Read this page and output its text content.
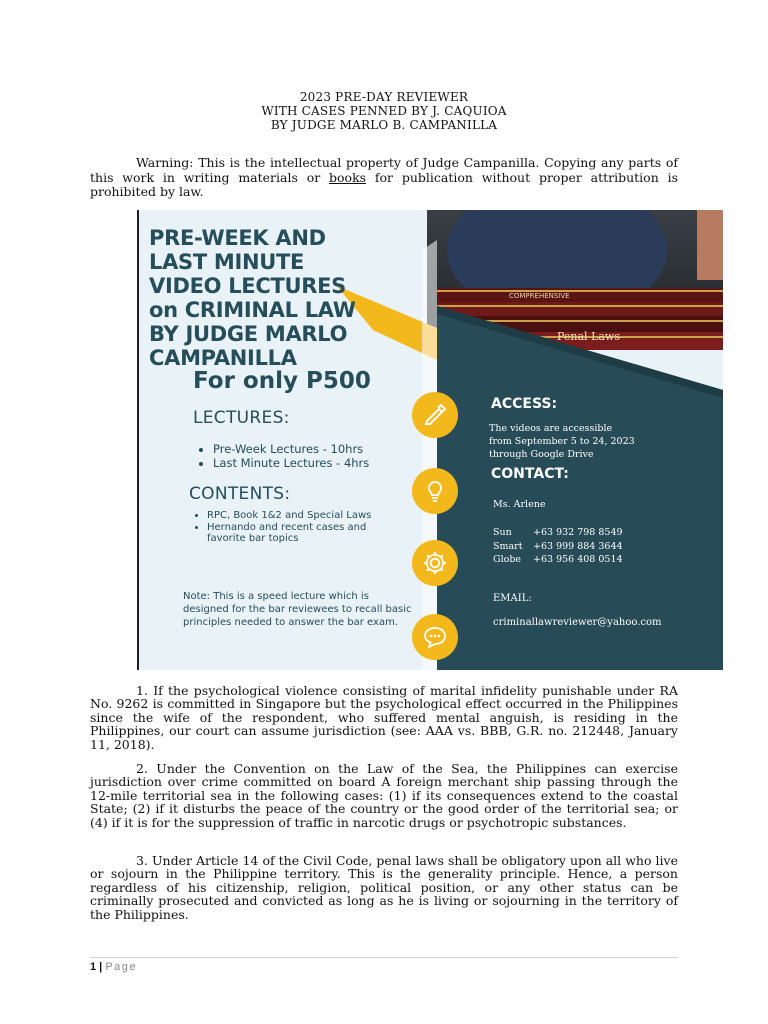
2023 PRE-DAY REVIEWER
WITH CASES PENNED BY J. CAQUIOA
BY JUDGE MARLO B. CAMPANILLA
Warning: This is the intellectual property of Judge Campanilla. Copying any parts of this work in writing materials or books for publication without proper attribution is prohibited by law.
PRE-WEEK AND
LAST MINUTE
VIDEO LECTURES
on CRIMINAL LAW
BY JUDGE MARLO
CAMPANILLA
For only P500
LECTURES:
• Pre-Week Lectures - 10hrs
• Last Minute Lectures - 4hrs
CONTENTS:
• RPC, Book 1&2 and Special Laws
• Hernando and recent cases and favorite bar topics
Note: This is a speed lecture which is designed for the bar reviewees to recall basic principles needed to answer the bar exam.
COMPREHENSIVE
Penal Laws
ACCESS:
The videos are accessible
from September 5 to 24, 2023
through Google Drive
CONTACT:
Ms. Arlene
Sun +63 932 798 8549
Smart +63 999 884 3644
Globe +63 956 408 0514
EMAIL:
criminallawreviewer@yahoo.com
1. If the psychological violence consisting of marital infidelity punishable under RA No. 9262 is committed in Singapore but the psychological effect occurred in the Philippines since the wife of the respondent, who suffered mental anguish, is residing in the Philippines, our court can assume jurisdiction (see: AAA vs. BBB, G.R. no. 212448, January 11, 2018).
2. Under the Convention on the Law of the Sea, the Philippines can exercise jurisdiction over crime committed on board A foreign merchant ship passing through the 12-mile territorial sea in the following cases: (1) if its consequences extend to the coastal State; (2) if it disturbs the peace of the country or the good order of the territorial sea; or (4) if it is for the suppression of traffic in narcotic drugs or psychotropic substances.
3. Under Article 14 of the Civil Code, penal laws shall be obligatory upon all who live or sojourn in the Philippine territory. This is the generality principle. Hence, a person regardless of his citizenship, religion, political position, or any other status can be criminally prosecuted and convicted as long as he is living or sojourning in the territory of the Philippines.
1 | Page
